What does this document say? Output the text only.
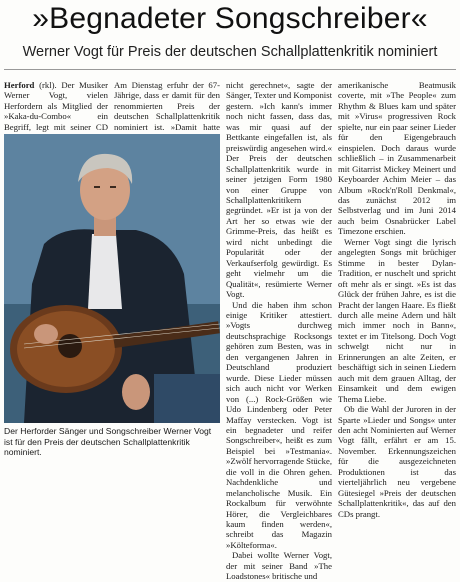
»Begnadeter Songschreiber«
Werner Vogt für Preis der deutschen Schallplattenkritik nominiert

Herford (rkl). Der Musiker Werner Vogt, vielen Herfordern als Mitglied der »Kaka-du-Combo« ein Begriff, legt mit seiner CD

Am Dienstag erfuhr der 67-Jährige, dass er damit für den renommierten Preis der deutschen Schallplattenkritik nominiert ist. »Damit hatte

Der Herforder Sänger und Songschreiber Werner Vogt ist für den Preis der deutschen Schallplattenkritik nominiert.

nicht gerechnet«, sagte der Sänger, Texter und Komponist gestern. »Ich kann's immer noch nicht fassen, dass das, was mir quasi auf der Bettkante eingefallen ist, als preiswürdig angesehen wird.« Der Preis der deutschen Schallplattenkritik wurde in seiner jetzigen Form 1980 von einer Gruppe von Schallplattenkritikern gegründet. »Er ist ja von der Art her so etwas wie der Grimme-Preis, das heißt es wird nicht unbedingt die Popularität oder der Verkaufserfolg gewürdigt. Es geht vielmehr um die Qualität«, resümierte Werner Vogt.

Und die haben ihm schon einige Kritiker attestiert. »Vogts durchweg deutschsprachige Rocksongs gehören zum Besten, was in den vergangenen Jahren in Deutschland produziert wurde. Diese Lieder müssen sich auch nicht vor Werken von (...) Rock-Größen wie Udo Lindenberg oder Peter Maffay verstecken. Vogt ist ein begnadeter und reifer Songschreiber«, heißt es zum Beispiel bei »Testmania«. »Zwölf hervorragende Stücke, die voll in die Ohren gehen. Nachdenkliche und melancholische Musik. Ein Rockalbum für verwöhnte Hörer, die Vergleichbares kaum finden werden«, schreibt das Magazin »Költeforma«.

Dabei wollte Werner Vogt, der mit seiner Band »The Loadstones« britische und

amerikanische Beatmusik coverte, mit »The People« zum Rhythm & Blues kam und später mit »Virus« progressiven Rock spielte, nur ein paar seiner Lieder für den Eigengebrauch einspielen. Doch daraus wurde schließlich – in Zusammenarbeit mit Gitarrist Mickey Meinert und Keyboarder Achim Meier – das Album »Rock'n'Roll Denkmal«, das zunächst 2012 im Selbstverlag und im Juni 2014 auch beim Osnabrücker Label Timezone erschien.

Werner Vogt singt die lyrisch angelegten Songs mit brüchiger Stimme in bester Dylan-Tradition, er nuschelt und spricht oft mehr als er singt. »Es ist das Glück der frühen Jahre, es ist die Pracht der langen Haare. Es fließt durch alle meine Adern und hält mich immer noch in Bann«, textet er im Titelsong. Doch Vogt schwelgt nicht nur in Erinnerungen an alte Zeiten, er beschäftigt sich in seinen Liedern auch mit dem grauen Alltag, der Einsamkeit und dem ewigen Thema Liebe.

Ob die Wahl der Juroren in der Sparte »Lieder und Songs« unter den acht Nominierten auf Werner Vogt fällt, erfährt er am 15. November. Erkennungszeichen für die ausgezeichneten Produktionen ist das vierteljährlich neu vergebene Gütesiegel »Preis der deutschen Schallplattenkritik«, das auf den CDs prangt.
